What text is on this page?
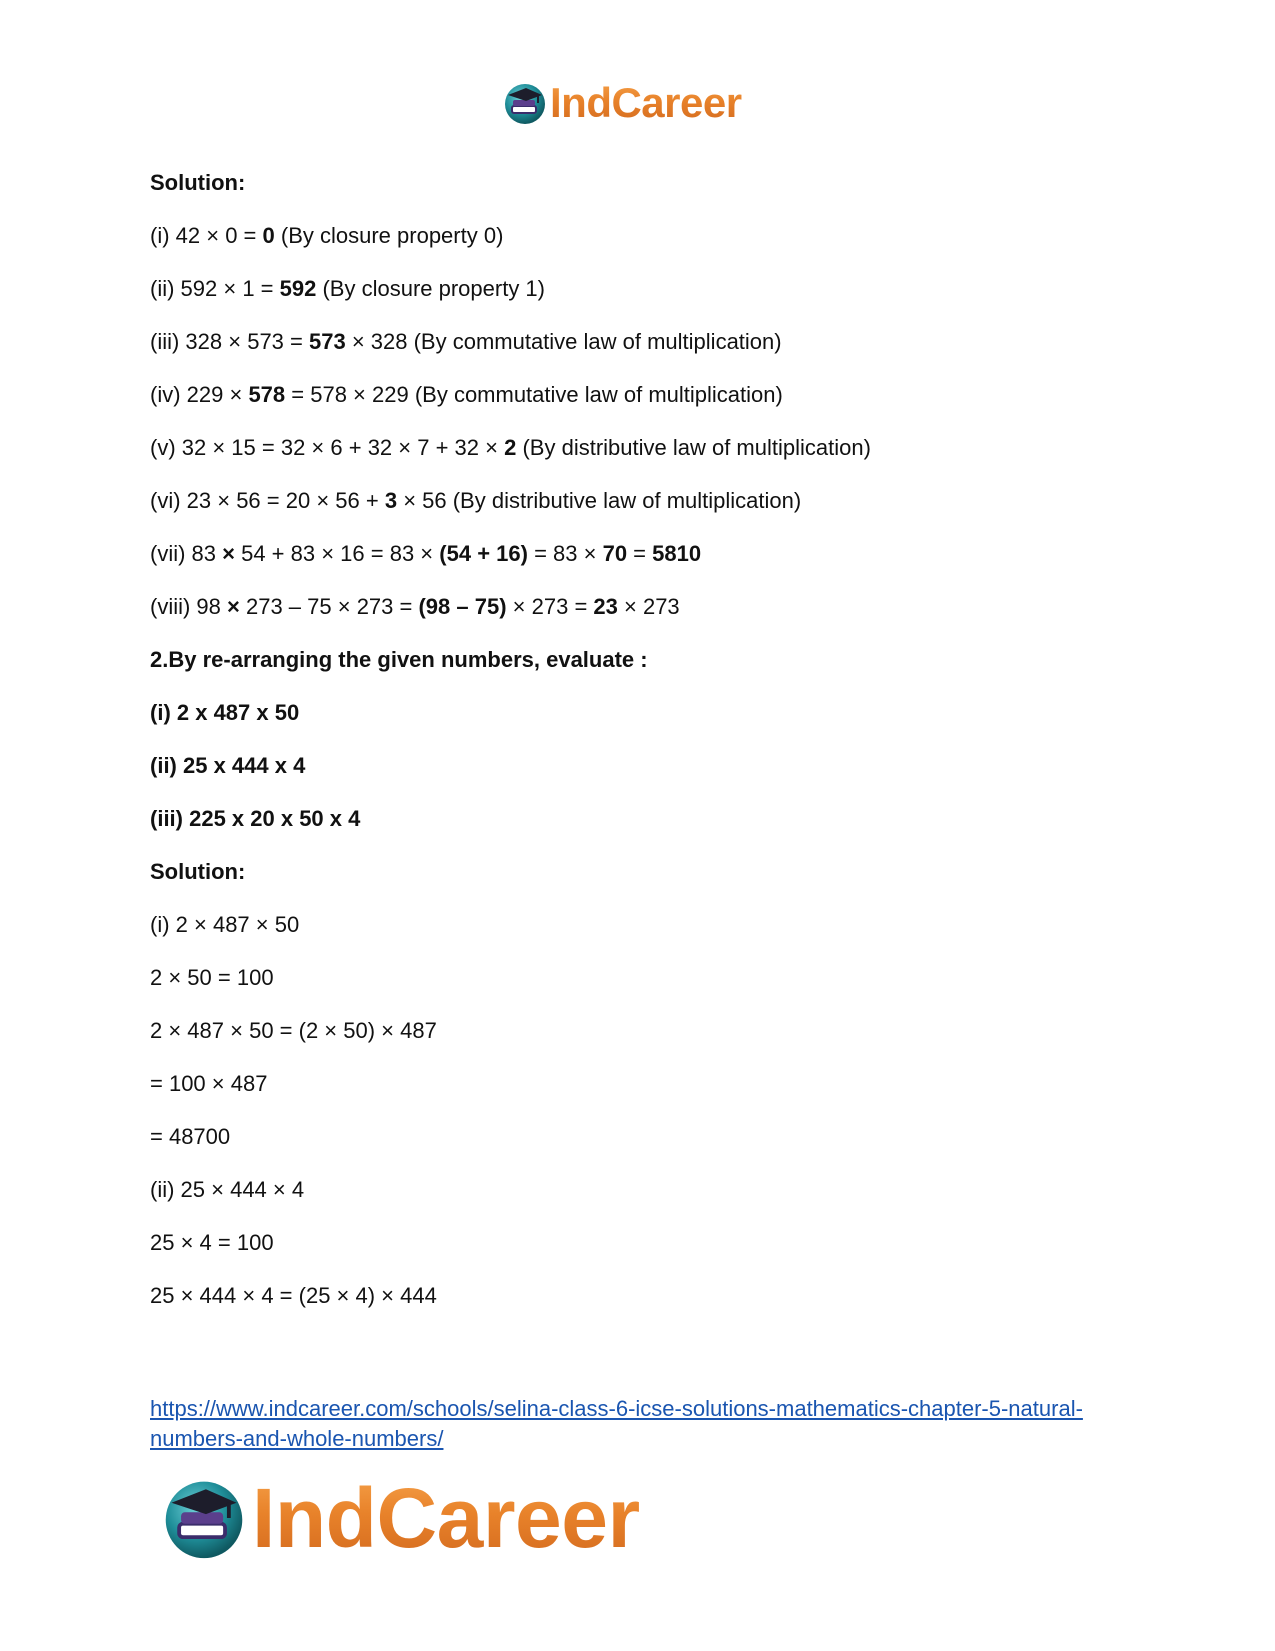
IndCareer
Solution:
(i) 42 × 0 = 0 (By closure property 0)
(ii) 592 × 1 = 592 (By closure property 1)
(iii) 328 × 573 = 573 × 328 (By commutative law of multiplication)
(iv) 229 × 578 = 578 × 229 (By commutative law of multiplication)
(v) 32 × 15 = 32 × 6 + 32 × 7 + 32 × 2 (By distributive law of multiplication)
(vi) 23 × 56 = 20 × 56 + 3 × 56 (By distributive law of multiplication)
(vii) 83 × 54 + 83 × 16 = 83 × (54 + 16) = 83 × 70 = 5810
(viii) 98 × 273 – 75 × 273 = (98 – 75) × 273 = 23 × 273
2.By re-arranging the given numbers, evaluate :
(i) 2 x 487 x 50
(ii) 25 x 444 x 4
(iii) 225 x 20 x 50 x 4
Solution:
(i) 2 × 487 × 50
2 × 50 = 100
2 × 487 × 50 = (2 × 50) × 487
= 100 × 487
= 48700
(ii) 25 × 444 × 4
25 × 4 = 100
25 × 444 × 4 = (25 × 4) × 444
https://www.indcareer.com/schools/selina-class-6-icse-solutions-mathematics-chapter-5-natural-numbers-and-whole-numbers/
IndCareer
